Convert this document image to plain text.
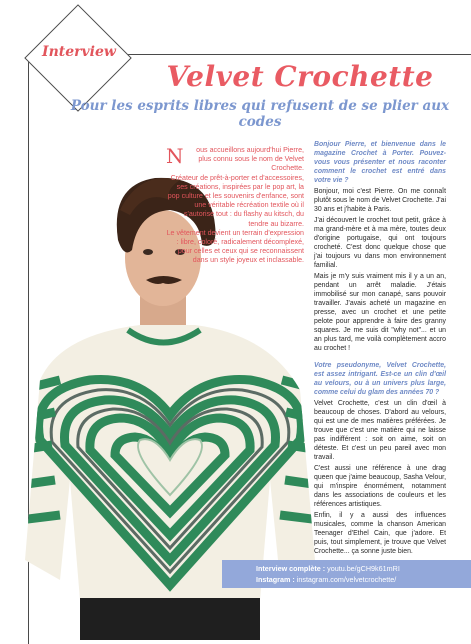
Interview
Velvet Crochette
Pour les esprits libres qui refusent de se plier aux codes

N ous accueillons aujourd'hui Pierre, plus connu sous le nom de Velvet Crochette.

Créateur de prêt-à-porter et d'accessoires, ses créations, inspirées par le pop art, la pop culture et les souvenirs d'enfance, sont une véritable récréation textile où il s'autorise tout : du flashy au kitsch, du tendre au bizarre.

Le vêtement devient un terrain d'expression : libre, coloré, radicalement décomplexé, pour celles et ceux qui se reconnaissent dans un style joyeux et inclassable.

Bonjour Pierre, et bienvenue dans le magazine Crochet à Porter. Pouvez-vous vous présenter et nous raconter comment le crochet est entré dans votre vie ?

Bonjour, moi c'est Pierre. On me connaît plutôt sous le nom de Velvet Crochette. J'ai 30 ans et j'habite à Paris.

J'ai découvert le crochet tout petit, grâce à ma grand-mère et à ma mère, toutes deux d'origine portugaise, qui ont toujours crocheté. C'est donc quelque chose que j'ai toujours vu dans mon environnement familial.

Mais je m'y suis vraiment mis il y a un an, pendant un arrêt maladie. J'étais immobilisé sur mon canapé, sans pouvoir travailler. J'avais acheté un magazine en presse, avec un crochet et une petite pelote pour apprendre à faire des granny squares. Je me suis dit "why not"... et un an plus tard, me voilà complètement accro au crochet !

Votre pseudonyme, Velvet Crochette, est assez intrigant. Est-ce un clin d'œil au velours, ou à un univers plus large, comme celui du glam des années 70 ?

Velvet Crochette, c'est un clin d'œil à beaucoup de choses. D'abord au velours, qui est une de mes matières préférées. Je trouve que c'est une matière qui ne laisse pas indifférent : soit on aime, soit on déteste. Et c'est un peu pareil avec mon travail.

C'est aussi une référence à une drag queen que j'aime beaucoup, Sasha Velour, qui m'inspire énormément, notamment dans les associations de couleurs et les références artistiques.

Enfin, il y a aussi des influences musicales, comme la chanson American Teenager d'Ethel Cain, que j'adore. Et puis, tout simplement, je trouve que Velvet Crochette... ça sonne juste bien.

Interview complète : youtu.be/gCH9k61mRI
Instagram : instagram.com/velvetcrochette/
